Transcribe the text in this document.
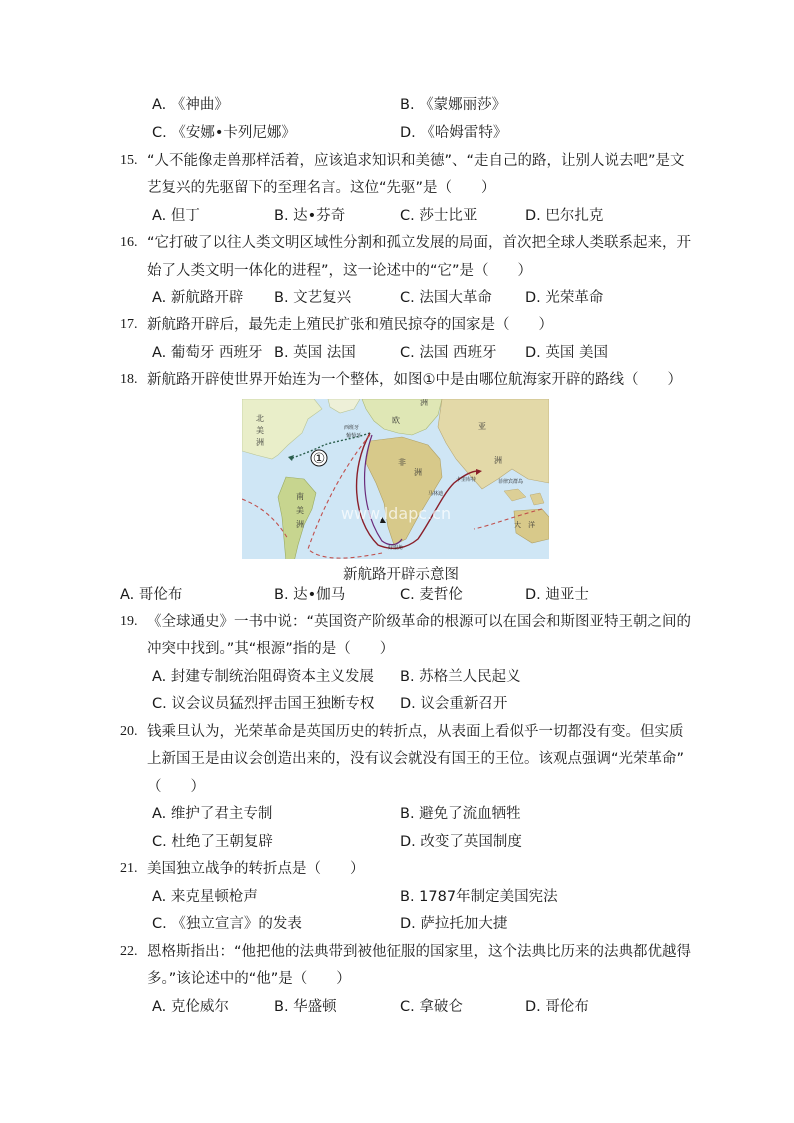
A. 《神曲》	B. 《蒙娜丽莎》
C. 《安娜•卡列尼娜》	D. 《哈姆雷特》
15. “人不能像走兽那样活着，应该追求知识和美德”、“走自己的路，让别人说去吧”是文
艺复兴的先驱留下的至理名言。这位“先驱”是（　　）
A. 但丁	B. 达•芬奇	C. 莎士比亚	D. 巴尔扎克
16. “它打破了以往人类文明区域性分割和孤立发展的局面，首次把全球人类联系起来，开
始了人类文明一体化的进程”，这一论述中的“它”是（　　）
A. 新航路开辟 B. 文艺复兴	C. 法国大革命 D. 光荣革命
17. 新航路开辟后，最先走上殖民扩张和殖民掠夺的国家是（　　）
A. 葡萄牙 西班牙 B. 英国 法国	C. 法国 西班牙 D. 英国 美国
18. 新航路开辟使世界开始连为一个整体，如图①中是由哪位航海家开辟的路线（　　）
①
北
美
洲
欧
洲
亚
洲
非
洲
南
美
洲
西班牙
葡萄牙
马林迪
卡里库特	菲律宾群岛
好望角
大　洋
www.ldapc.cn
新航路开辟示意图
A. 哥伦布	B. 达•伽马	C. 麦哲伦	D. 迪亚士
19. 《全球通史》一书中说：“英国资产阶级革命的根源可以在国会和斯图亚特王朝之间的
冲突中找到。”其“根源”指的是（　　）
A. 封建专制统治阻碍资本主义发展 B. 苏格兰人民起义
C. 议会议员猛烈抨击国王独断专权 D. 议会重新召开
20. 钱乘旦认为，光荣革命是英国历史的转折点，从表面上看似乎一切都没有变。但实质
上新国王是由议会创造出来的，没有议会就没有国王的王位。该观点强调“光荣革命”
（　　）
A. 维护了君主专制	B. 避免了流血牺牲
C. 杜绝了王朝复辟	D. 改变了英国制度
21. 美国独立战争的转折点是（　　）
A. 来克星顿枪声	B. 1787年制定美国宪法
C. 《独立宣言》的发表	D. 萨拉托加大捷
22. 恩格斯指出：“他把他的法典带到被他征服的国家里，这个法典比历来的法典都优越得
多。”该论述中的“他”是（　　）
A. 克伦威尔	B. 华盛顿	C. 拿破仑	D. 哥伦布
